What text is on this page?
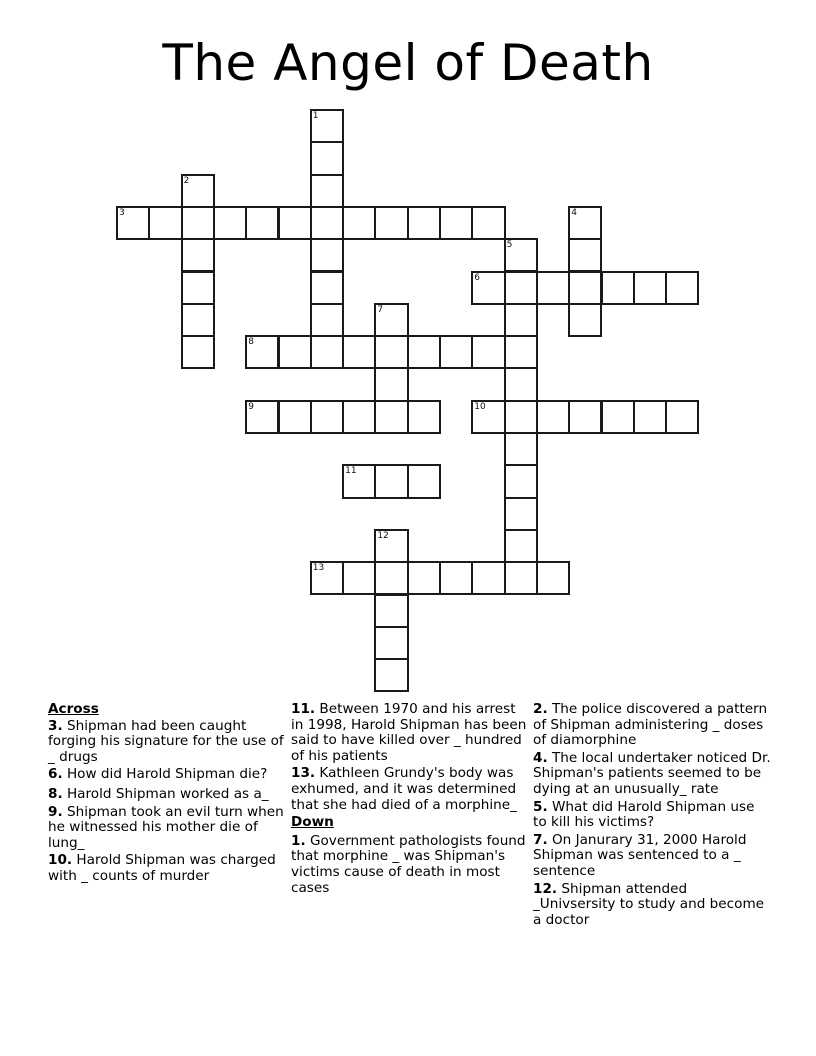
The Angel of Death
1
2
3	4
5
6
7
8
9	10
11
12
13
Across
3. Shipman had been caught forging his signature for the use of _ drugs
6. How did Harold Shipman die?
8. Harold Shipman worked as a_
9. Shipman took an evil turn when he witnessed his mother die of lung_
10. Harold Shipman was charged with _ counts of murder
11. Between 1970 and his arrest in 1998, Harold Shipman has been said to have killed over _ hundred of his patients
13. Kathleen Grundy's body was exhumed, and it was determined that she had died of a morphine_
Down
1. Government pathologists found that morphine _ was Shipman's victims cause of death in most cases
2. The police discovered a pattern of Shipman administering _ doses of diamorphine
4. The local undertaker noticed Dr. Shipman's patients seemed to be dying at an unusually_ rate
5. What did Harold Shipman use to kill his victims?
7. On Janurary 31, 2000 Harold Shipman was sentenced to a _ sentence
12. Shipman attended _Univsersity to study and become a doctor
